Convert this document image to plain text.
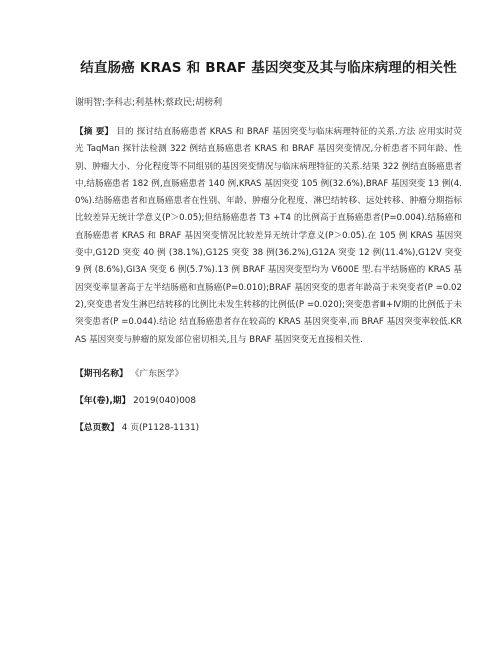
结直肠癌 KRAS 和 BRAF 基因突变及其与临床病理的相关性
谢明智;李科志;利基林;蔡政民;胡榜利
【摘 要】 目的 探讨结直肠癌患者 KRAS 和 BRAF 基因突变与临床病理特征的关系.方法 应用实时荧光 TaqMan 探针法检测 322 例结直肠癌患者 KRAS 和 BRAF 基因突变情况,分析患者不同年龄、性别、肿瘤大小、分化程度等不同组别的基因突变情况与临床病理特征的关系.结果 322 例结直肠癌患者中,结肠癌患者 182 例,直肠癌患者 140 例,KRAS 基因突变 105 例(32.6%),BRAF 基因突变 13 例(4.0%).结肠癌患者和直肠癌患者在性别、年龄、肿瘤分化程度、淋巴结转移、远处转移、肿瘤分期指标比较差异无统计学意义(P＞0.05);但结肠癌患者 T3 +T4 的比例高于直肠癌患者(P=0.004).结肠癌和直肠癌患者 KRAS 和 BRAF 基因突变情况比较差异无统计学意义(P＞0.05).在 105 例 KRAS 基因突变中,G12D 突变 40 例 (38.1%),G12S 突变 38 例(36.2%),G12A 突变 12 例(11.4%),G12V 突变 9 例 (8.6%),GI3A 突变 6 例(5.7%).13 例 BRAF 基因突变型均为 V600E 型.右半结肠癌的 KRAS 基因突变率显著高于左半结肠癌和直肠癌(P=0.010);BRAF 基因突变的患者年龄高于未突变者(P =0.022),突变患者发生淋巴结转移的比例比未发生转移的比例低(P =0.020);突变患者Ⅲ+Ⅳ期的比例低于未突变患者(P =0.044).结论 结直肠癌患者存在较高的 KRAS 基因突变率,而 BRAF 基因突变率较低.KRAS 基因突变与肿瘤的原发部位密切相关,且与 BRAF 基因突变无直接相关性.
【期刊名称】 《广东医学》
【年(卷),期】 2019(040)008
【总页数】 4 页(P1128-1131)
